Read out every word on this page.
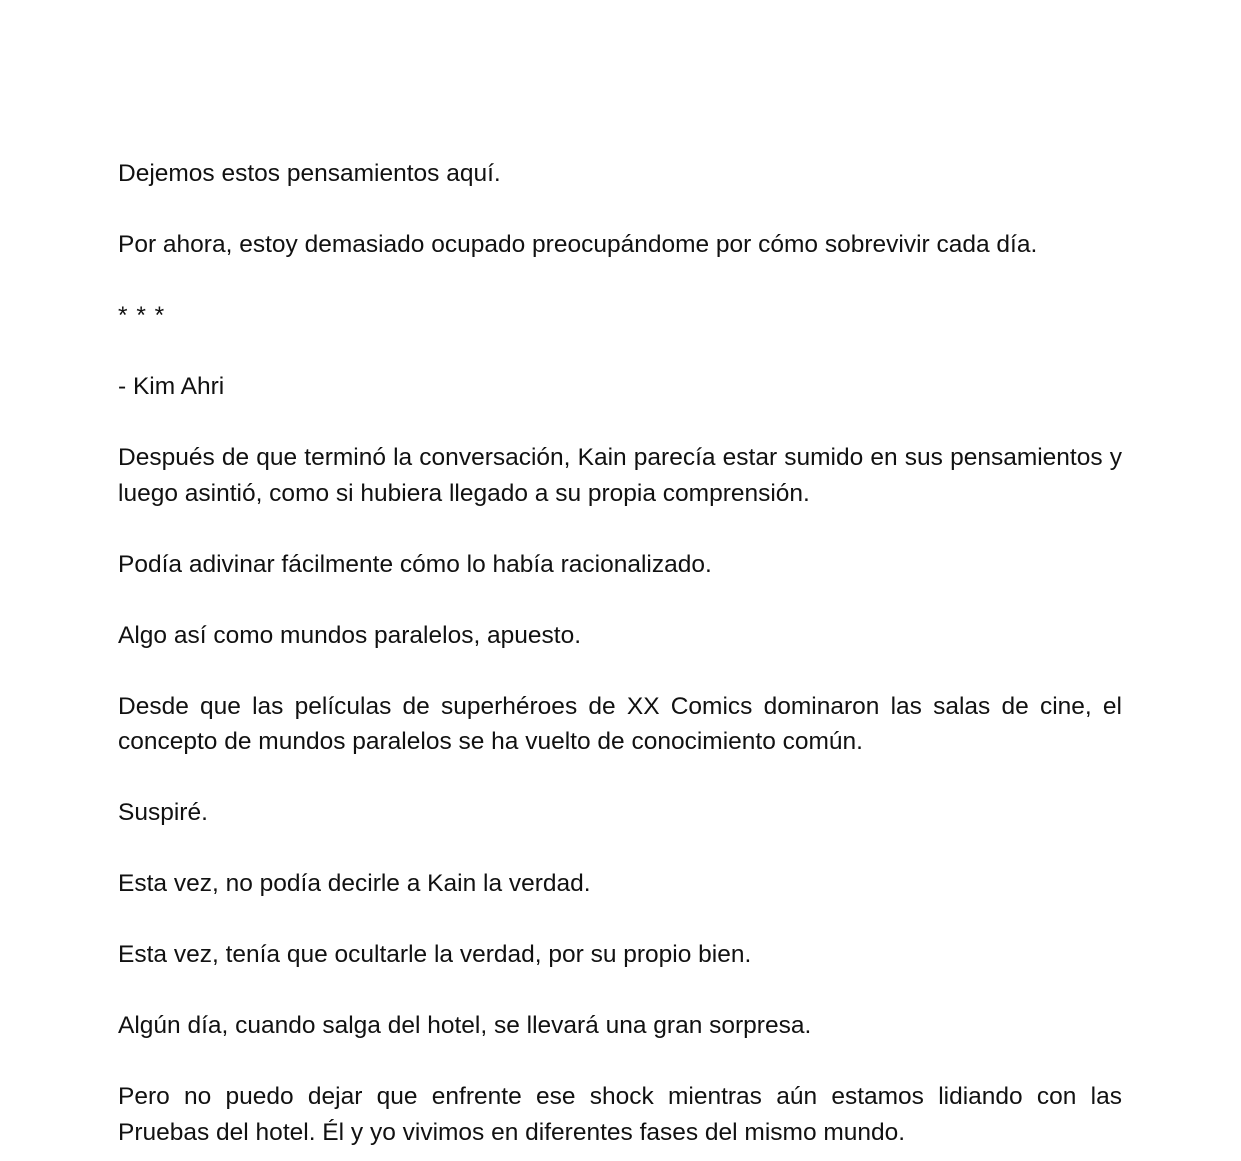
Dejemos estos pensamientos aquí.

Por ahora, estoy demasiado ocupado preocupándome por cómo sobrevivir cada día.

* * *

- Kim Ahri

Después de que terminó la conversación, Kain parecía estar sumido en sus pensamientos y luego asintió, como si hubiera llegado a su propia comprensión.

Podía adivinar fácilmente cómo lo había racionalizado.

Algo así como mundos paralelos, apuesto.

Desde que las películas de superhéroes de XX Comics dominaron las salas de cine, el concepto de mundos paralelos se ha vuelto de conocimiento común.

Suspiré.

Esta vez, no podía decirle a Kain la verdad.

Esta vez, tenía que ocultarle la verdad, por su propio bien.

Algún día, cuando salga del hotel, se llevará una gran sorpresa.

Pero no puedo dejar que enfrente ese shock mientras aún estamos lidiando con las Pruebas del hotel. Él y yo vivimos en diferentes fases del mismo mundo.
